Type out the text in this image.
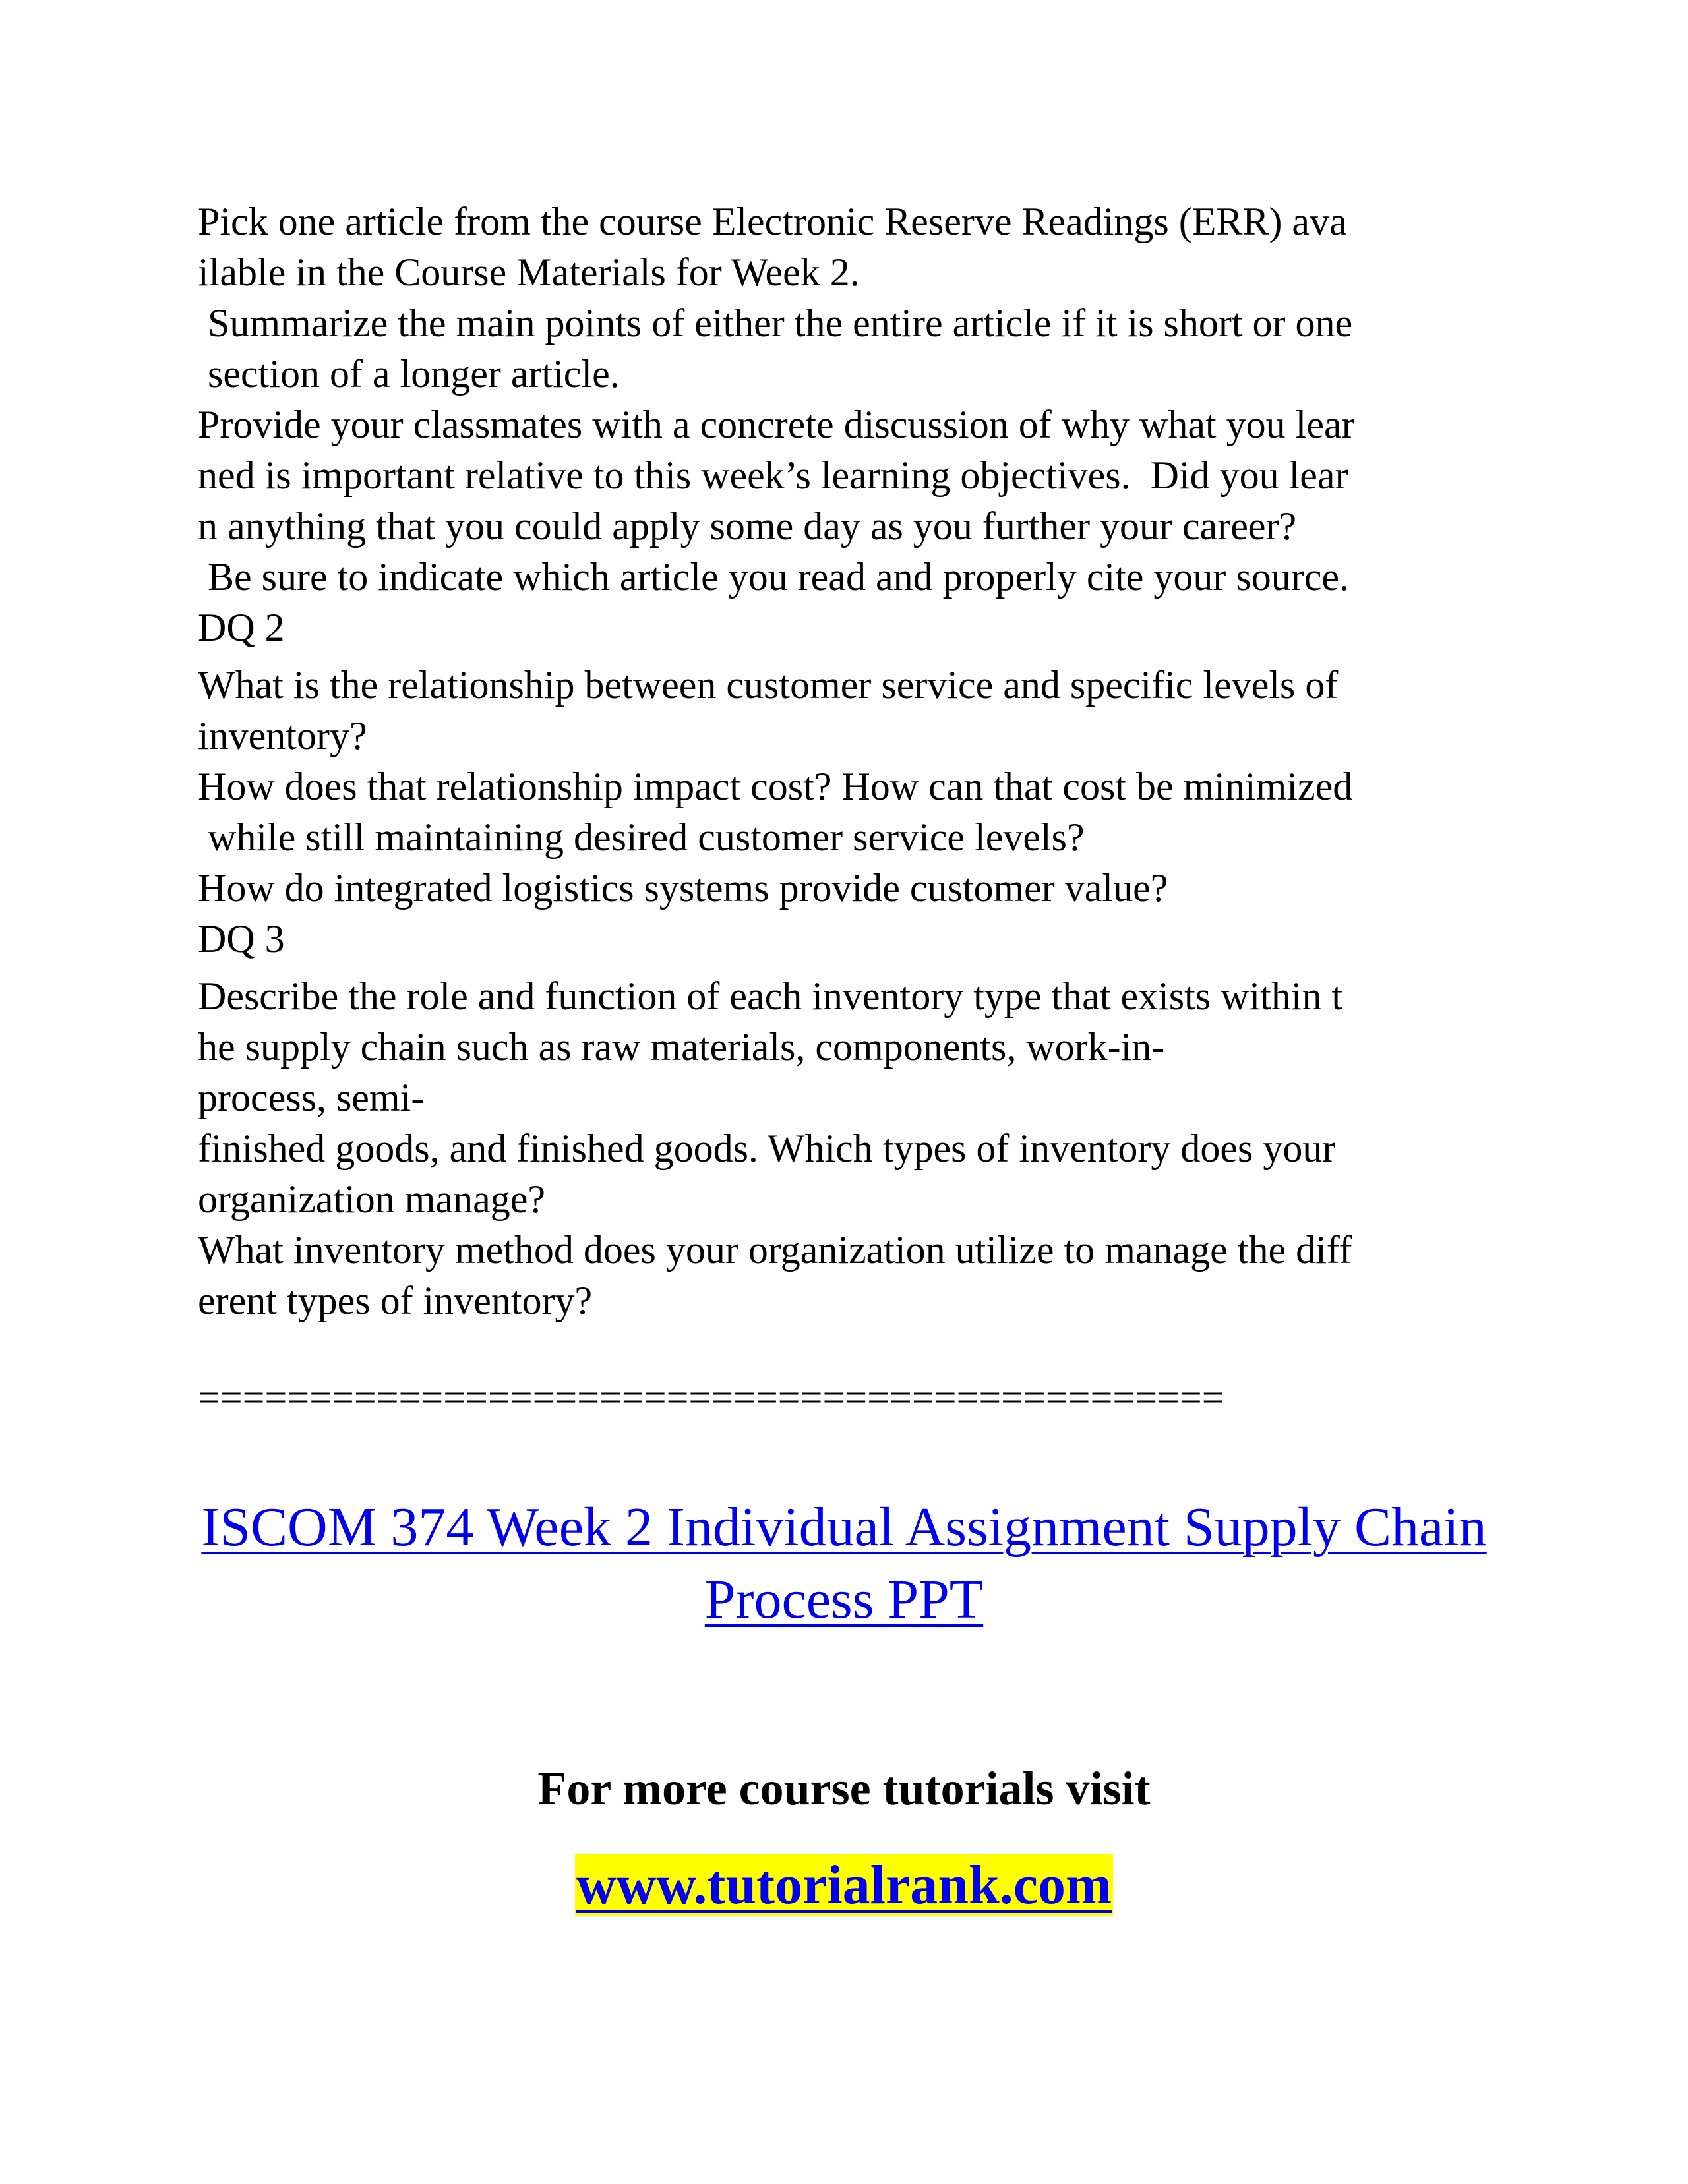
Pick one article from the course Electronic Reserve Readings (ERR) ava
ilable in the Course Materials for Week 2.
Summarize the main points of either the entire article if it is short or one
section of a longer article.
Provide your classmates with a concrete discussion of why what you lear
ned is important relative to this week’s learning objectives.  Did you lear
n anything that you could apply some day as you further your career?
Be sure to indicate which article you read and properly cite your source.
DQ 2
What is the relationship between customer service and specific levels of
inventory?
How does that relationship impact cost? How can that cost be minimized
while still maintaining desired customer service levels?
How do integrated logistics systems provide customer value?
DQ 3
Describe the role and function of each inventory type that exists within t
he supply chain such as raw materials, components, work-in-
process, semi-
finished goods, and finished goods. Which types of inventory does your
organization manage?
What inventory method does your organization utilize to manage the diff
erent types of inventory?
==============================================
ISCOM 374 Week 2 Individual Assignment Supply Chain
Process PPT
For more course tutorials visit
www.tutorialrank.com
